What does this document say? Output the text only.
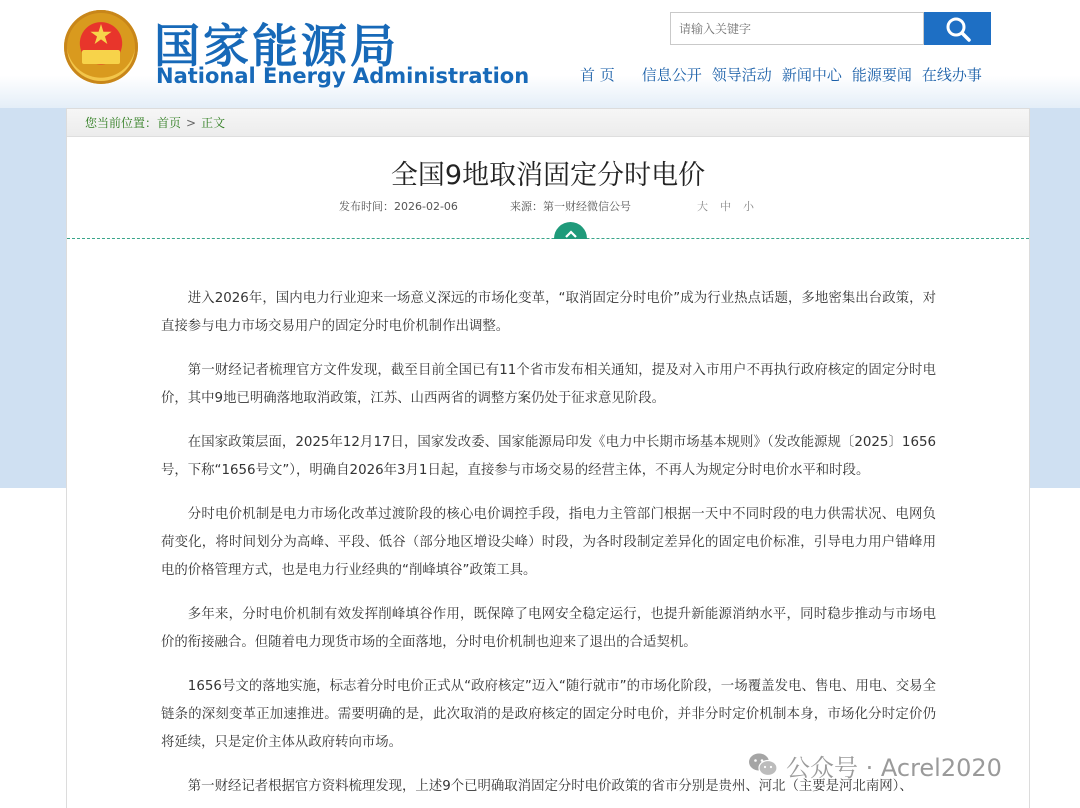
国家能源局
National Energy Administration
请输入关键字	首 页	信息公开 领导活动 新闻中心 能源要闻 在线办事
您当前位置：首页 > 正文
全国9地取消固定分时电价
发布时间：2026-02-06	来源：第一财经微信公号	大 中 小

进入2026年，国内电力行业迎来一场意义深远的市场化变革，“取消固定分时电价”成为行业热点话题，多地密集出台政策，对直接参与电力市场交易用户的固定分时电价机制作出调整。

第一财经记者梳理官方文件发现，截至目前全国已有11个省市发布相关通知，提及对入市用户不再执行政府核定的固定分时电价，其中9地已明确落地取消政策，江苏、山西两省的调整方案仍处于征求意见阶段。

在国家政策层面，2025年12月17日，国家发改委、国家能源局印发《电力中长期市场基本规则》（发改能源规〔2025〕1656号，下称“1656号文”），明确自2026年3月1日起，直接参与市场交易的经营主体，不再人为规定分时电价水平和时段。

分时电价机制是电力市场化改革过渡阶段的核心电价调控手段，指电力主管部门根据一天中不同时段的电力供需状况、电网负荷变化，将时间划分为高峰、平段、低谷（部分地区增设尖峰）时段，为各时段制定差异化的固定电价标准，引导电力用户错峰用电的价格管理方式，也是电力行业经典的“削峰填谷”政策工具。

多年来，分时电价机制有效发挥削峰填谷作用，既保障了电网安全稳定运行，也提升新能源消纳水平，同时稳步推动与市场电价的衔接融合。但随着电力现货市场的全面落地，分时电价机制也迎来了退出的合适契机。

1656号文的落地实施，标志着分时电价正式从“政府核定”迈入“随行就市”的市场化阶段，一场覆盖发电、售电、用电、交易全链条的深刻变革正加速推进。需要明确的是，此次取消的是政府核定的固定分时电价，并非分时定价机制本身，市场化分时定价仍将延续，只是定价主体从政府转向市场。

第一财经记者根据官方资料梳理发现，上述9个已明确取消固定分时电价政策的省市分别是贵州、河北（主要是河北南网）、

公众号 · Acrel2020
